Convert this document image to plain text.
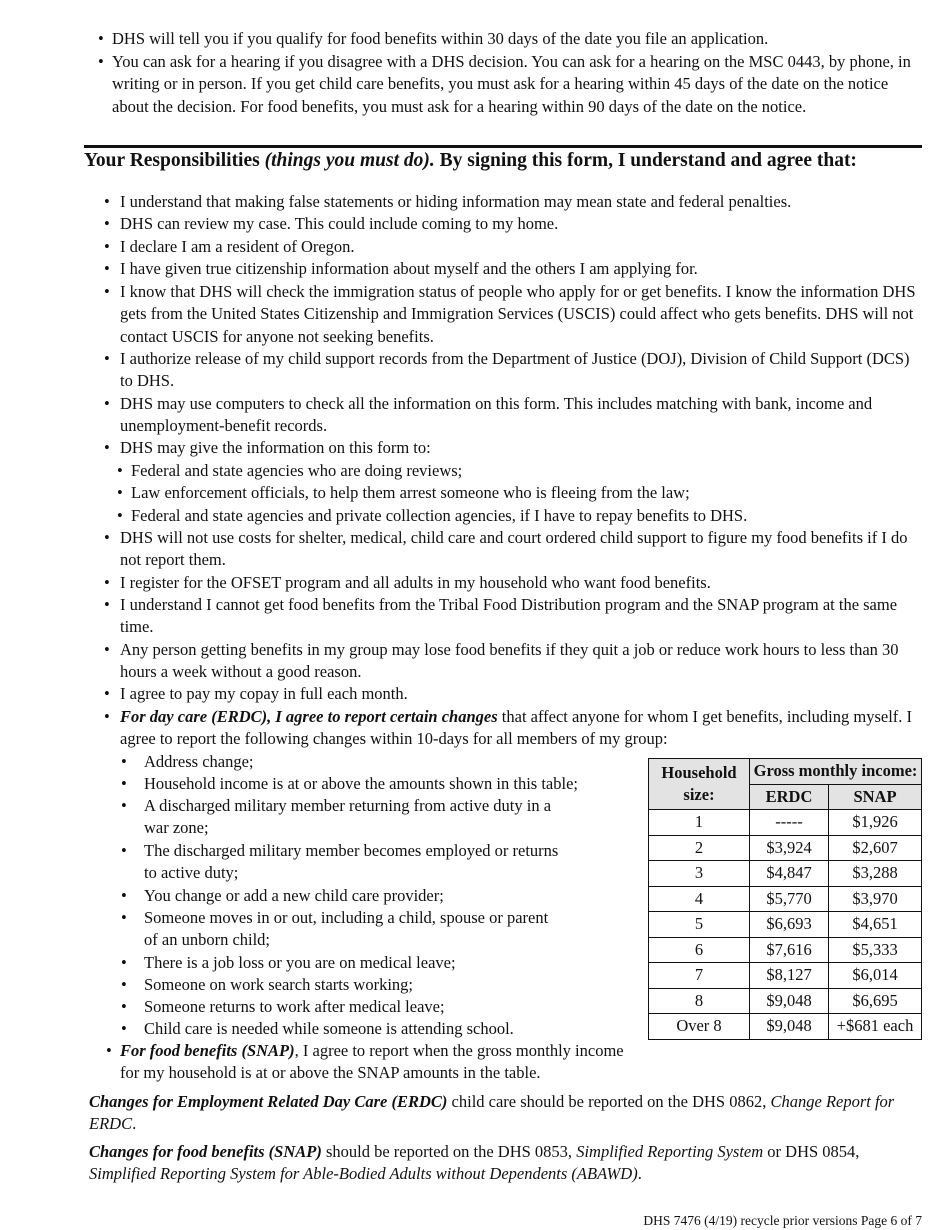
• DHS will tell you if you qualify for food benefits within 30 days of the date you file an application.
• You can ask for a hearing if you disagree with a DHS decision. You can ask for a hearing on the MSC 0443, by phone, in writing or in person. If you get child care benefits, you must ask for a hearing within 45 days of the date on the notice about the decision. For food benefits, you must ask for a hearing within 90 days of the date on the notice.
Your Responsibilities (things you must do). By signing this form, I understand and agree that:
• I understand that making false statements or hiding information may mean state and federal penalties.
• DHS can review my case. This could include coming to my home.
• I declare I am a resident of Oregon.
• I have given true citizenship information about myself and the others I am applying for.
• I know that DHS will check the immigration status of people who apply for or get benefits. I know the information DHS gets from the United States Citizenship and Immigration Services (USCIS) could affect who gets benefits. DHS will not contact USCIS for anyone not seeking benefits.
• I authorize release of my child support records from the Department of Justice (DOJ), Division of Child Support (DCS) to DHS.
• DHS may use computers to check all the information on this form. This includes matching with bank, income and unemployment-benefit records.
• DHS may give the information on this form to:
• Federal and state agencies who are doing reviews;
• Law enforcement officials, to help them arrest someone who is fleeing from the law;
• Federal and state agencies and private collection agencies, if I have to repay benefits to DHS.
• DHS will not use costs for shelter, medical, child care and court ordered child support to figure my food benefits if I do not report them.
• I register for the OFSET program and all adults in my household who want food benefits.
• I understand I cannot get food benefits from the Tribal Food Distribution program and the SNAP program at the same time.
• Any person getting benefits in my group may lose food benefits if they quit a job or reduce work hours to less than 30 hours a week without a good reason.
• I agree to pay my copay in full each month.
• For day care (ERDC), I agree to report certain changes that affect anyone for whom I get benefits, including myself. I agree to report the following changes within 10-days for all members of my group:
•	Address change;
•	Household income is at or above the amounts shown in this table;
•	A discharged military member returning from active duty in a war zone;
•	The discharged military member becomes employed or returns to active duty;
•	You change or add a new child care provider;
•	Someone moves in or out, including a child, spouse or parent of an unborn child;
•	There is a job loss or you are on medical leave;
•	Someone on work search starts working;
•	Someone returns to work after medical leave;
•	Child care is needed while someone is attending school.
• For food benefits (SNAP), I agree to report when the gross monthly income for my household is at or above the SNAP amounts in the table.
Household size:	Gross monthly income:	
	ERDC	SNAP
1	-----	$1,926
2	$3,924	$2,607
3	$4,847	$3,288
4	$5,770	$3,970
5	$6,693	$4,651
6	$7,616	$5,333
7	$8,127	$6,014
8	$9,048	$6,695
Over 8	$9,048	+$681 each
Changes for Employment Related Day Care (ERDC) child care should be reported on the DHS 0862, Change Report for ERDC.
Changes for food benefits (SNAP) should be reported on the DHS 0853, Simplified Reporting System or DHS 0854, Simplified Reporting System for Able-Bodied Adults without Dependents (ABAWD).
DHS 7476 (4/19) recycle prior versions Page 6 of 7
